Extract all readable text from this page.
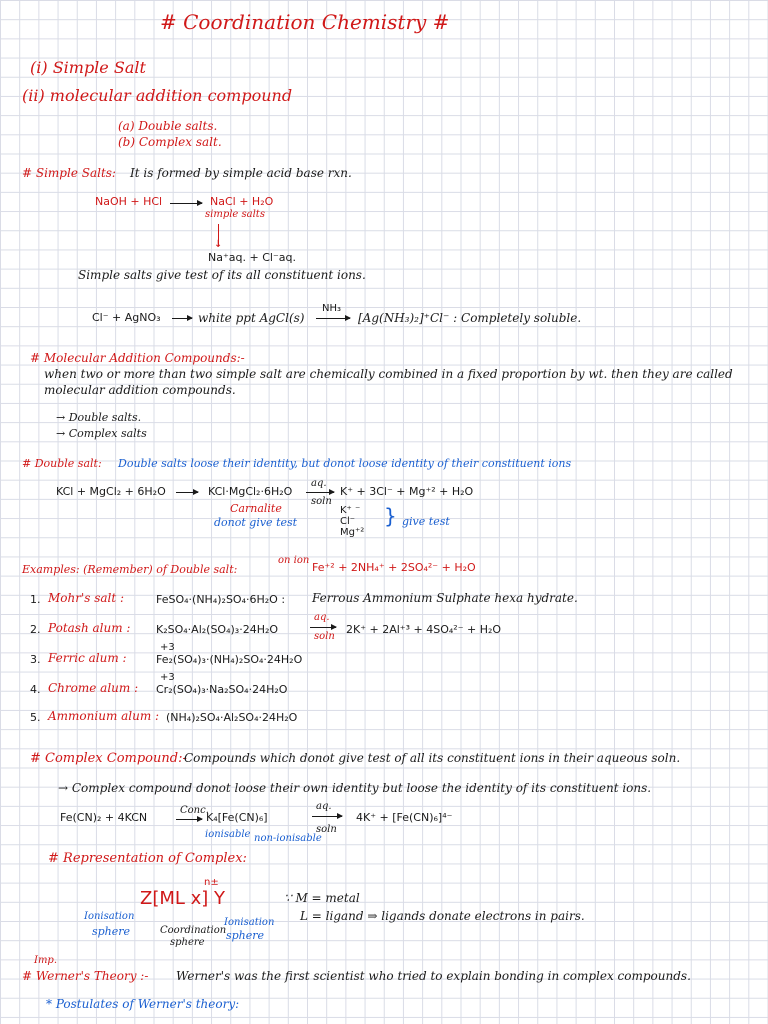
# Coordination Chemistry #
(i) Simple Salt
(ii) molecular addition compound
(a) Double salts.
(b) Complex salt.
# Simple Salts: It is formed by simple acid base rxn.
NaOH + HCl → NaCl + H₂O
simple salts
↓
Na⁺aq. + Cl⁻aq.
Simple salts give test of its all constituent ions.
Cl⁻ + AgNO₃ → white ppt AgCl(s)
NH₃
→ [Ag(NH₃)₂]⁺Cl⁻ : Completely soluble.
# Molecular Addition Compounds:-
when two or more than two simple salt are chemically combined in a fixed proportion by wt. then they are called
molecular addition compounds.
→ Double salts.
→ Complex salts
# Double salt: Double salts loose their identity, but donot loose identity of their constituent ions
KCl + MgCl₂ + 6H₂O → KCl·MgCl₂·6H₂O
aq.
soln
K⁺ + 3Cl⁻ + Mg⁺² + H₂O
Carnalite
donot give test
K⁺ ⁻
Cl⁻
Mg⁺²
} give test
Examples: (Remember) of Double salt:
on ion
Fe⁺² + 2NH₄⁺ + 2SO₄²⁻ + H₂O
1. Mohr's salt :	FeSO₄·(NH₄)₂SO₄·6H₂O : Ferrous Ammonium Sulphate hexa hydrate.
2. Potash alum : K₂SO₄·Al₂(SO₄)₃·24H₂O
aq.
soln
2K⁺ + 2Al⁺³ + 4SO₄²⁻ + H₂O
+3
3. Ferric alum :	Fe₂(SO₄)₃·(NH₄)₂SO₄·24H₂O
+3
4. Chrome alum : Cr₂(SO₄)₃·Na₂SO₄·24H₂O
5. Ammonium alum : (NH₄)₂SO₄·Al₂SO₄·24H₂O
# Complex Compound:-
Compounds which donot give test of all its constituent ions in their aqueous soln.
→ Complex compound donot loose their own identity but loose the identity of its constituent ions.
Fe(CN)₂ + 4KCN
Conc.
→ K₄[Fe(CN)₆]
aq.
soln
4K⁺ + [Fe(CN)₆]⁴⁻
ionisable non-ionisable
# Representation of Complex:
n±
Z[ML x] Y	∵ M = metal
L = ligand ⇒ ligands donate electrons in pairs.
Ionisation
sphere	Coordination
sphere
Ionisation
sphere
Imp.
# Werner's Theory :- Werner's was the first scientist who tried to explain bonding in complex compounds.
* Postulates of Werner's theory:
